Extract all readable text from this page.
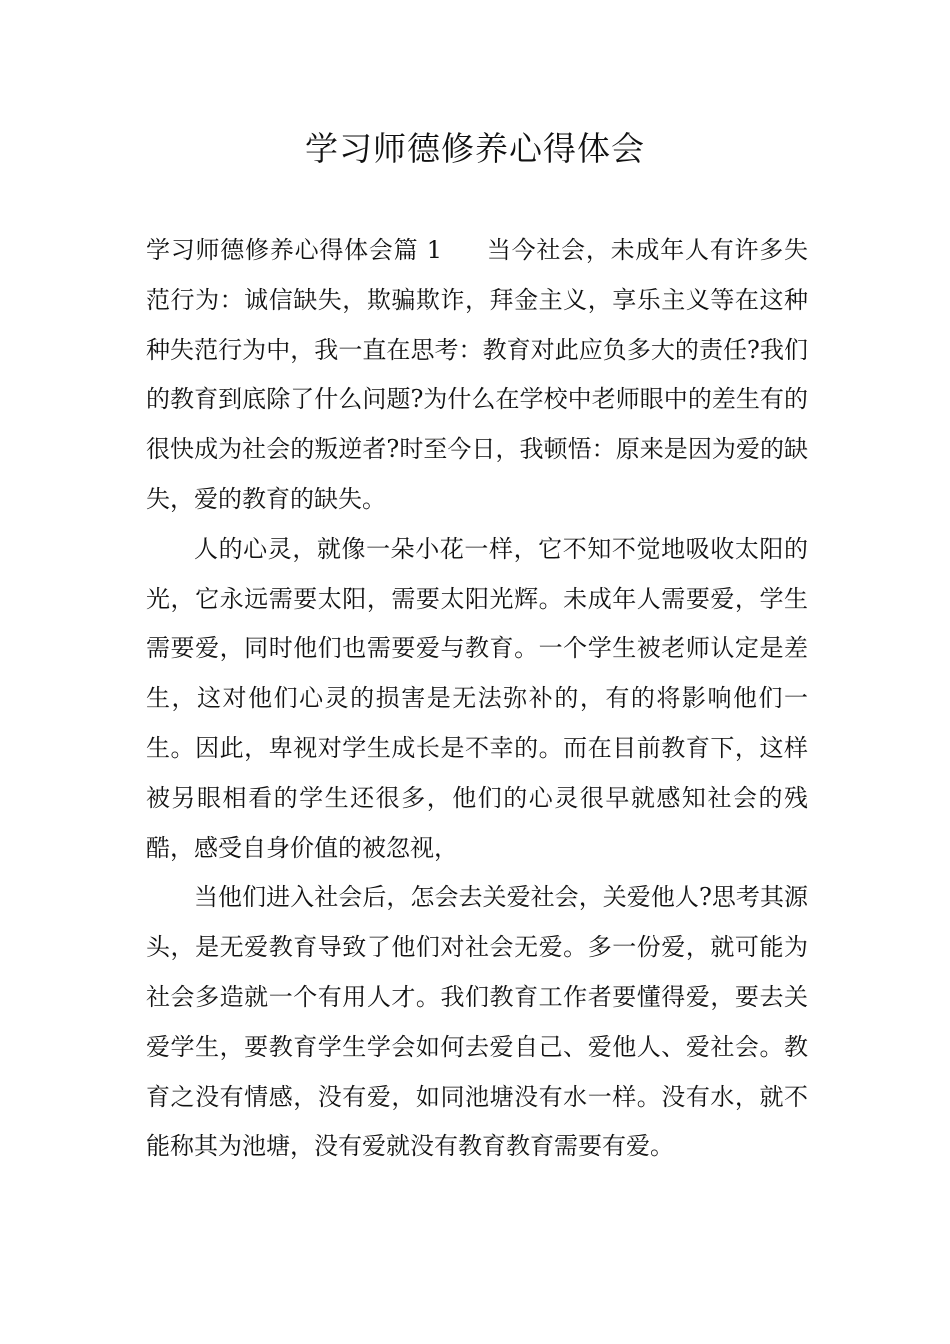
学习师德修养心得体会

学习师德修养心得体会篇 1 当今社会，未成年人有许多失范行为：诚信缺失，欺骗欺诈，拜金主义，享乐主义等在这种种失范行为中，我一直在思考：教育对此应负多大的责任?我们的教育到底除了什么问题?为什么在学校中老师眼中的差生有的很快成为社会的叛逆者?时至今日，我顿悟：原来是因为爱的缺失，爱的教育的缺失。

人的心灵，就像一朵小花一样，它不知不觉地吸收太阳的光，它永远需要太阳，需要太阳光辉。未成年人需要爱，学生需要爱，同时他们也需要爱与教育。一个学生被老师认定是差生，这对他们心灵的损害是无法弥补的，有的将影响他们一生。因此，卑视对学生成长是不幸的。而在目前教育下，这样被另眼相看的学生还很多，他们的心灵很早就感知社会的残酷，感受自身价值的被忽视，

当他们进入社会后，怎会去关爱社会，关爱他人?思考其源头，是无爱教育导致了他们对社会无爱。多一份爱，就可能为社会多造就一个有用人才。我们教育工作者要懂得爱，要去关爱学生，要教育学生学会如何去爱自己、爱他人、爱社会。教育之没有情感，没有爱，如同池塘没有水一样。没有水，就不能称其为池塘，没有爱就没有教育教育需要有爱。
